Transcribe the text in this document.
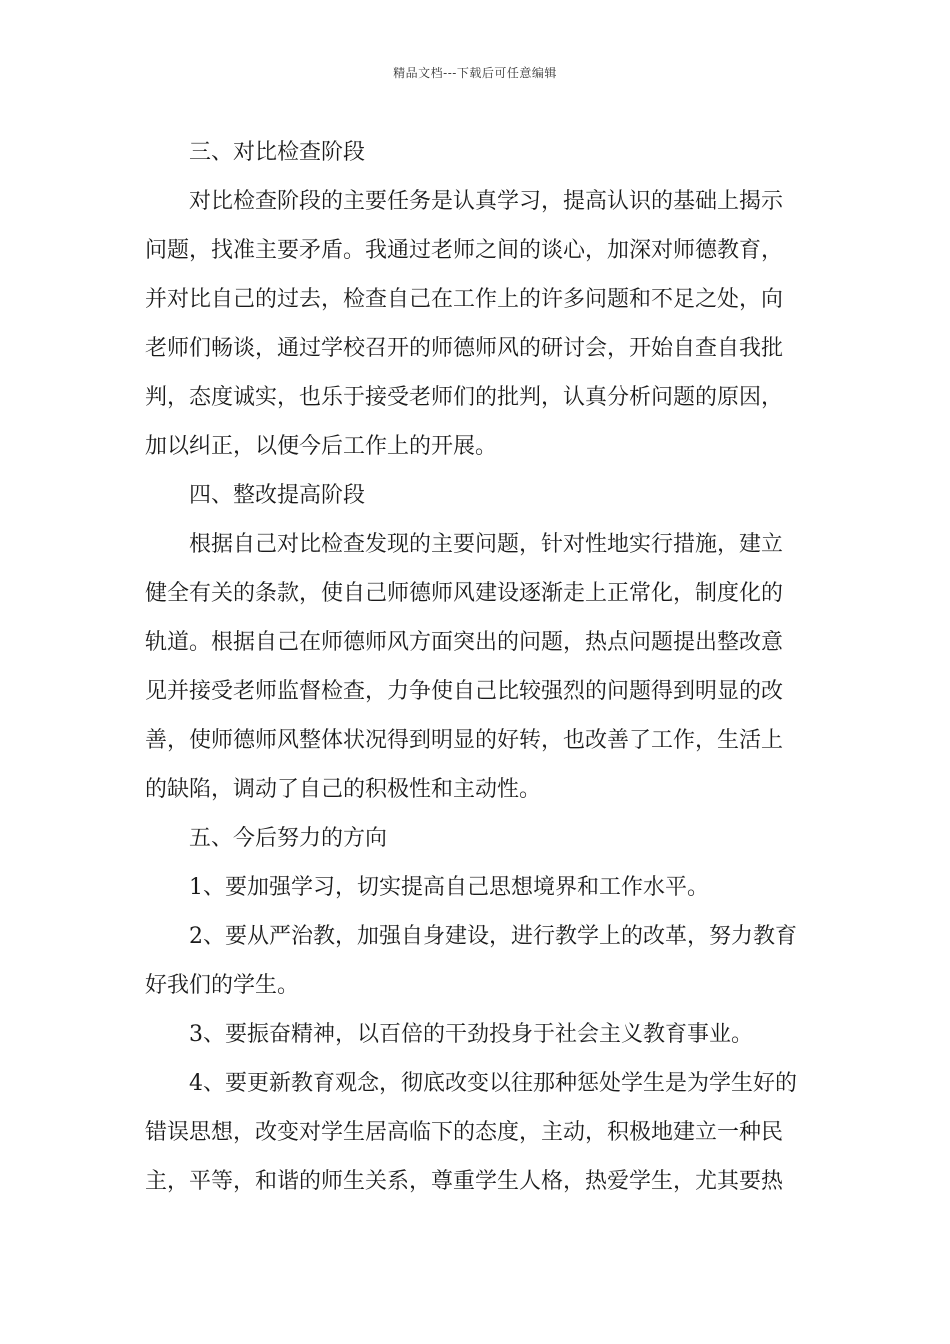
精品文档---下载后可任意编辑
三、对比检查阶段
对比检查阶段的主要任务是认真学习，提高认识的基础上揭示
问题，找准主要矛盾。我通过老师之间的谈心，加深对师德教育，
并对比自己的过去，检查自己在工作上的许多问题和不足之处，向
老师们畅谈，通过学校召开的师德师风的研讨会，开始自查自我批
判，态度诚实，也乐于接受老师们的批判，认真分析问题的原因，
加以纠正，以便今后工作上的开展。
四、整改提高阶段
根据自己对比检查发现的主要问题，针对性地实行措施，建立
健全有关的条款，使自己师德师风建设逐渐走上正常化，制度化的
轨道。根据自己在师德师风方面突出的问题，热点问题提出整改意
见并接受老师监督检查，力争使自己比较强烈的问题得到明显的改
善，使师德师风整体状况得到明显的好转，也改善了工作，生活上
的缺陷，调动了自己的积极性和主动性。
五、今后努力的方向
1、要加强学习，切实提高自己思想境界和工作水平。
2、要从严治教，加强自身建设，进行教学上的改革，努力教育
好我们的学生。
3、要振奋精神，以百倍的干劲投身于社会主义教育事业。
4、要更新教育观念，彻底改变以往那种惩处学生是为学生好的
错误思想，改变对学生居高临下的态度，主动，积极地建立一种民
主，平等，和谐的师生关系，尊重学生人格，热爱学生，尤其要热
